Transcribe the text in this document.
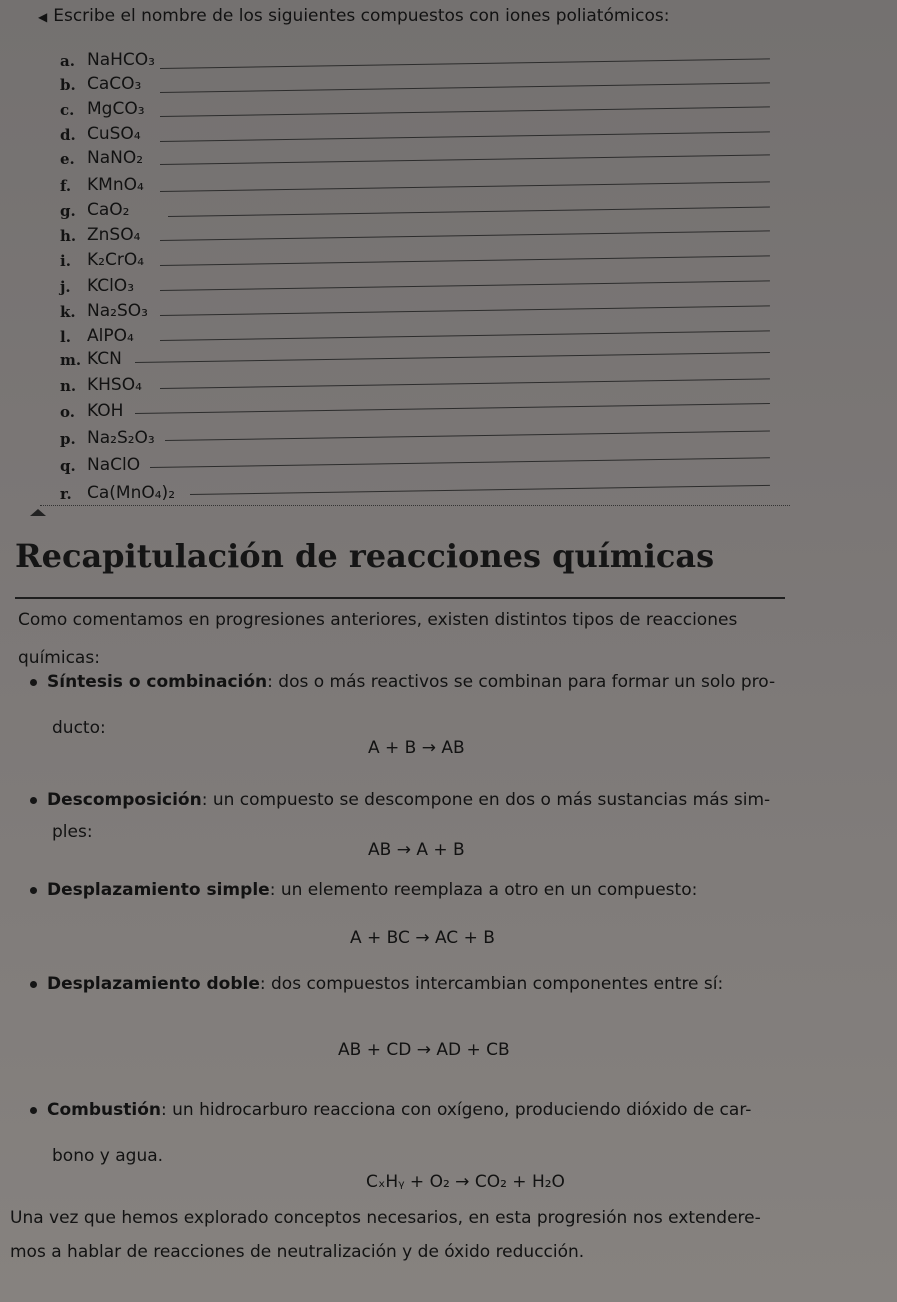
◀ Escribe el nombre de los siguientes compuestos con iones poliatómicos:
a. NaHCO₃
b. CaCO₃
c. MgCO₃
d. CuSO₄
e. NaNO₂
f. KMnO₄
g. CaO₂
h. ZnSO₄
i. K₂CrO₄
j. KClO₃
k. Na₂SO₃
l. AlPO₄
m. KCN
n. KHSO₄
o. KOH
p. Na₂S₂O₃
q. NaClO
r. Ca(MnO₄)₂
Recapitulación de reacciones químicas
Como comentamos en progresiones anteriores, existen distintos tipos de reacciones
químicas:
Síntesis o combinación: dos o más reactivos se combinan para formar un solo pro-
ducto:
A + B → AB
Descomposición: un compuesto se descompone en dos o más sustancias más sim-
ples:
AB → A + B
Desplazamiento simple: un elemento reemplaza a otro en un compuesto:
A + BC → AC + B
Desplazamiento doble: dos compuestos intercambian componentes entre sí:
AB + CD → AD + CB
Combustión: un hidrocarburo reacciona con oxígeno, produciendo dióxido de car-
bono y agua.
CₓHᵧ + O₂ → CO₂ + H₂O
Una vez que hemos explorado conceptos necesarios, en esta progresión nos extendere-
mos a hablar de reacciones de neutralización y de óxido reducción.
